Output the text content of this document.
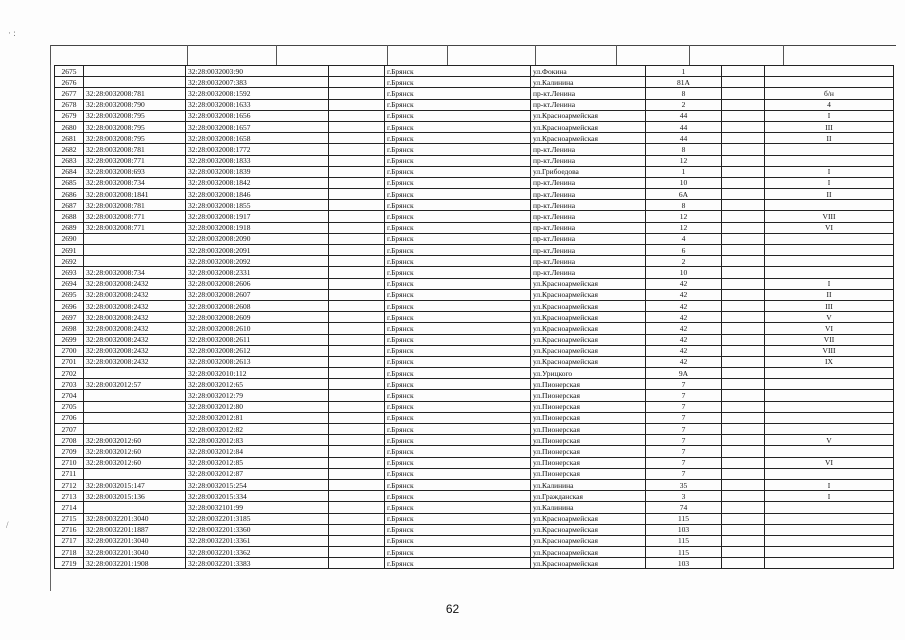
· :
/
2675		32:28:0032003:90		г.Брянск	ул.Фокина	1		
2676		32:28:0032007:383		г.Брянск	ул.Калинина	81А		
2677	32:28:0032008:781	32:28:0032008:1592		г.Брянск	пр-кт.Ленина	8		б/н
2678	32:28:0032008:790	32:28:0032008:1633		г.Брянск	пр-кт.Ленина	2		4
2679	32:28:0032008:795	32:28:0032008:1656		г.Брянск	ул.Красноармейская	44		I
2680	32:28:0032008:795	32:28:0032008:1657		г.Брянск	ул.Красноармейская	44		III
2681	32:28:0032008:795	32:28:0032008:1658		г.Брянск	ул.Красноармейская	44		II
2682	32:28:0032008:781	32:28:0032008:1772		г.Брянск	пр-кт.Ленина	8		
2683	32:28:0032008:771	32:28:0032008:1833		г.Брянск	пр-кт.Ленина	12		
2684	32:28:0032008:693	32:28:0032008:1839		г.Брянск	ул.Грибоедова	1		I
2685	32:28:0032008:734	32:28:0032008:1842		г.Брянск	пр-кт.Ленина	10		I
2686	32:28:0032008:1841	32:28:0032008:1846		г.Брянск	пр-кт.Ленина	6А		II
2687	32:28:0032008:781	32:28:0032008:1855		г.Брянск	пр-кт.Ленина	8		
2688	32:28:0032008:771	32:28:0032008:1917		г.Брянск	пр-кт.Ленина	12		VIII
2689	32:28:0032008:771	32:28:0032008:1918		г.Брянск	пр-кт.Ленина	12		VI
2690		32:28:0032008:2090		г.Брянск	пр-кт.Ленина	4		
2691		32:28:0032008:2091		г.Брянск	пр-кт.Ленина	6		
2692		32:28:0032008:2092		г.Брянск	пр-кт.Ленина	2		
2693	32:28:0032008:734	32:28:0032008:2331		г.Брянск	пр-кт.Ленина	10		
2694	32:28:0032008:2432	32:28:0032008:2606		г.Брянск	ул.Красноармейская	42		I
2695	32:28:0032008:2432	32:28:0032008:2607		г.Брянск	ул.Красноармейская	42		II
2696	32:28:0032008:2432	32:28:0032008:2608		г.Брянск	ул.Красноармейская	42		III
2697	32:28:0032008:2432	32:28:0032008:2609		г.Брянск	ул.Красноармейская	42		V
2698	32:28:0032008:2432	32:28:0032008:2610		г.Брянск	ул.Красноармейская	42		VI
2699	32:28:0032008:2432	32:28:0032008:2611		г.Брянск	ул.Красноармейская	42		VII
2700	32:28:0032008:2432	32:28:0032008:2612		г.Брянск	ул.Красноармейская	42		VIII
2701	32:28:0032008:2432	32:28:0032008:2613		г.Брянск	ул.Красноармейская	42		IX
2702		32:28:0032010:112		г.Брянск	ул.Урицкого	9А		
2703	32:28:0032012:57	32:28:0032012:65		г.Брянск	ул.Пионерская	7		
2704		32:28:0032012:79		г.Брянск	ул.Пионерская	7		
2705		32:28:0032012:80		г.Брянск	ул.Пионерская	7		
2706		32:28:0032012:81		г.Брянск	ул.Пионерская	7		
2707		32:28:0032012:82		г.Брянск	ул.Пионерская	7		
2708	32:28:0032012:60	32:28:0032012:83		г.Брянск	ул.Пионерская	7		V
2709	32:28:0032012:60	32:28:0032012:84		г.Брянск	ул.Пионерская	7		
2710	32:28:0032012:60	32:28:0032012:85		г.Брянск	ул.Пионерская	7		VI
2711		32:28:0032012:87		г.Брянск	ул.Пионерская	7		
2712	32:28:0032015:147	32:28:0032015:254		г.Брянск	ул.Калинина	35		I
2713	32:28:0032015:136	32:28:0032015:334		г.Брянск	ул.Гражданская	3		I
2714		32:28:0032101:99		г.Брянск	ул.Калинина	74		
2715	32:28:0032201:3040	32:28:0032201:3185		г.Брянск	ул.Красноармейская	115		
2716	32:28:0032201:1887	32:28:0032201:3360		г.Брянск	ул.Красноармейская	103		
2717	32:28:0032201:3040	32:28:0032201:3361		г.Брянск	ул.Красноармейская	115		
2718	32:28:0032201:3040	32:28:0032201:3362		г.Брянск	ул.Красноармейская	115		
2719	32:28:0032201:1908	32:28:0032201:3383		г.Брянск	ул.Красноармейская	103		
62
